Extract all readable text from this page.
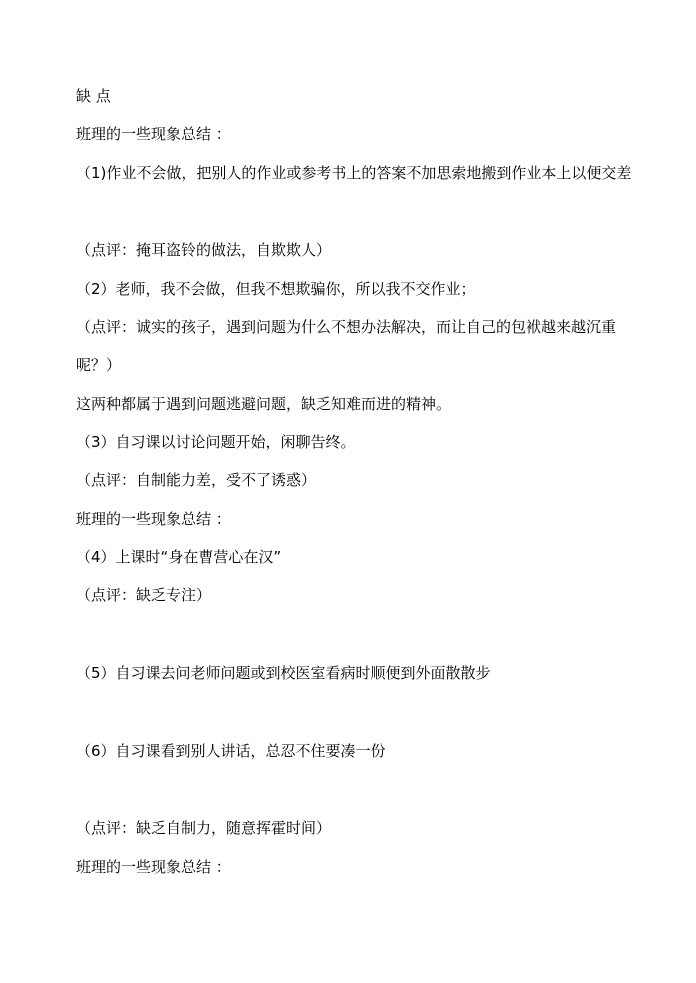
缺 点
班理的一些现象总结 ：
（1)作业不会做，把别人的作业或参考书上的答案不加思索地搬到作业本上以便交差
（点评：掩耳盗铃的做法，自欺欺人）
（2）老师，我不会做，但我不想欺骗你，所以我不交作业；
（点评：诚实的孩子，遇到问题为什么不想办法解决，而让自己的包袱越来越沉重
呢？）
这两种都属于遇到问题逃避问题，缺乏知难而进的精神。
（3）自习课以讨论问题开始，闲聊告终。
（点评：自制能力差，受不了诱惑）
班理的一些现象总结 ：
（4）上课时“身在曹营心在汉”
（点评：缺乏专注）
（5）自习课去问老师问题或到校医室看病时顺便到外面散散步
（6）自习课看到别人讲话，总忍不住要凑一份
（点评：缺乏自制力，随意挥霍时间）
班理的一些现象总结 ：
